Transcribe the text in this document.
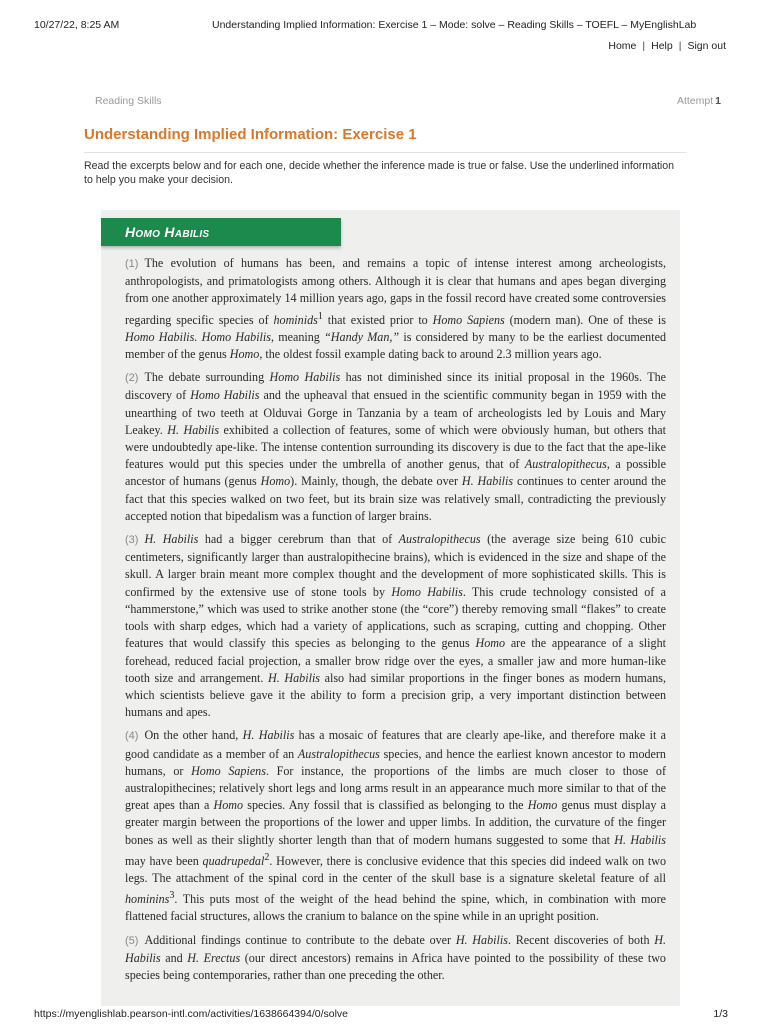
10/27/22, 8:25 AM	Understanding Implied Information: Exercise 1 – Mode: solve – Reading Skills – TOEFL – MyEnglishLab
Home | Help | Sign out
Reading Skills	Attempt 1
Understanding Implied Information: Exercise 1
Read the excerpts below and for each one, decide whether the inference made is true or false. Use the underlined information to help you make your decision.
Homo Habilis
(1) The evolution of humans has been, and remains a topic of intense interest among archeologists, anthropologists, and primatologists among others. Although it is clear that humans and apes began diverging from one another approximately 14 million years ago, gaps in the fossil record have created some controversies regarding specific species of hominids$^1$ that existed prior to Homo Sapiens (modern man). One of these is Homo Habilis. Homo Habilis, meaning “Handy Man,” is considered by many to be the earliest documented member of the genus Homo, the oldest fossil example dating back to around 2.3 million years ago.
(2) The debate surrounding Homo Habilis has not diminished since its initial proposal in the 1960s. The discovery of Homo Habilis and the upheaval that ensued in the scientific community began in 1959 with the unearthing of two teeth at Olduvai Gorge in Tanzania by a team of archeologists led by Louis and Mary Leakey. H. Habilis exhibited a collection of features, some of which were obviously human, but others that were undoubtedly ape-like. The intense contention surrounding its discovery is due to the fact that the ape-like features would put this species under the umbrella of another genus, that of Australopithecus, a possible ancestor of humans (genus Homo). Mainly, though, the debate over H. Habilis continues to center around the fact that this species walked on two feet, but its brain size was relatively small, contradicting the previously accepted notion that bipedalism was a function of larger brains.
(3) H. Habilis had a bigger cerebrum than that of Australopithecus (the average size being 610 cubic centimeters, significantly larger than australopithecine brains), which is evidenced in the size and shape of the skull. A larger brain meant more complex thought and the development of more sophisticated skills. This is confirmed by the extensive use of stone tools by Homo Habilis. This crude technology consisted of a “hammerstone,” which was used to strike another stone (the “core”) thereby removing small “flakes” to create tools with sharp edges, which had a variety of applications, such as scraping, cutting and chopping. Other features that would classify this species as belonging to the genus Homo are the appearance of a slight forehead, reduced facial projection, a smaller brow ridge over the eyes, a smaller jaw and more human-like tooth size and arrangement. H. Habilis also had similar proportions in the finger bones as modern humans, which scientists believe gave it the ability to form a precision grip, a very important distinction between humans and apes.
(4) On the other hand, H. Habilis has a mosaic of features that are clearly ape-like, and therefore make it a good candidate as a member of an Australopithecus species, and hence the earliest known ancestor to modern humans, or Homo Sapiens. For instance, the proportions of the limbs are much closer to those of australopithecines; relatively short legs and long arms result in an appearance much more similar to that of the great apes than a Homo species. Any fossil that is classified as belonging to the Homo genus must display a greater margin between the proportions of the lower and upper limbs. In addition, the curvature of the finger bones as well as their slightly shorter length than that of modern humans suggested to some that H. Habilis may have been quadrupedal$^2$. However, there is conclusive evidence that this species did indeed walk on two legs. The attachment of the spinal cord in the center of the skull base is a signature skeletal feature of all hominins$^3$. This puts most of the weight of the head behind the spine, which, in combination with more flattened facial structures, allows the cranium to balance on the spine while in an upright position.
(5) Additional findings continue to contribute to the debate over H. Habilis. Recent discoveries of both H. Habilis and H. Erectus (our direct ancestors) remains in Africa have pointed to the possibility of these two species being contemporaries, rather than one preceding the other.
https://myenglishlab.pearson-intl.com/activities/1638664394/0/solve	1/3
